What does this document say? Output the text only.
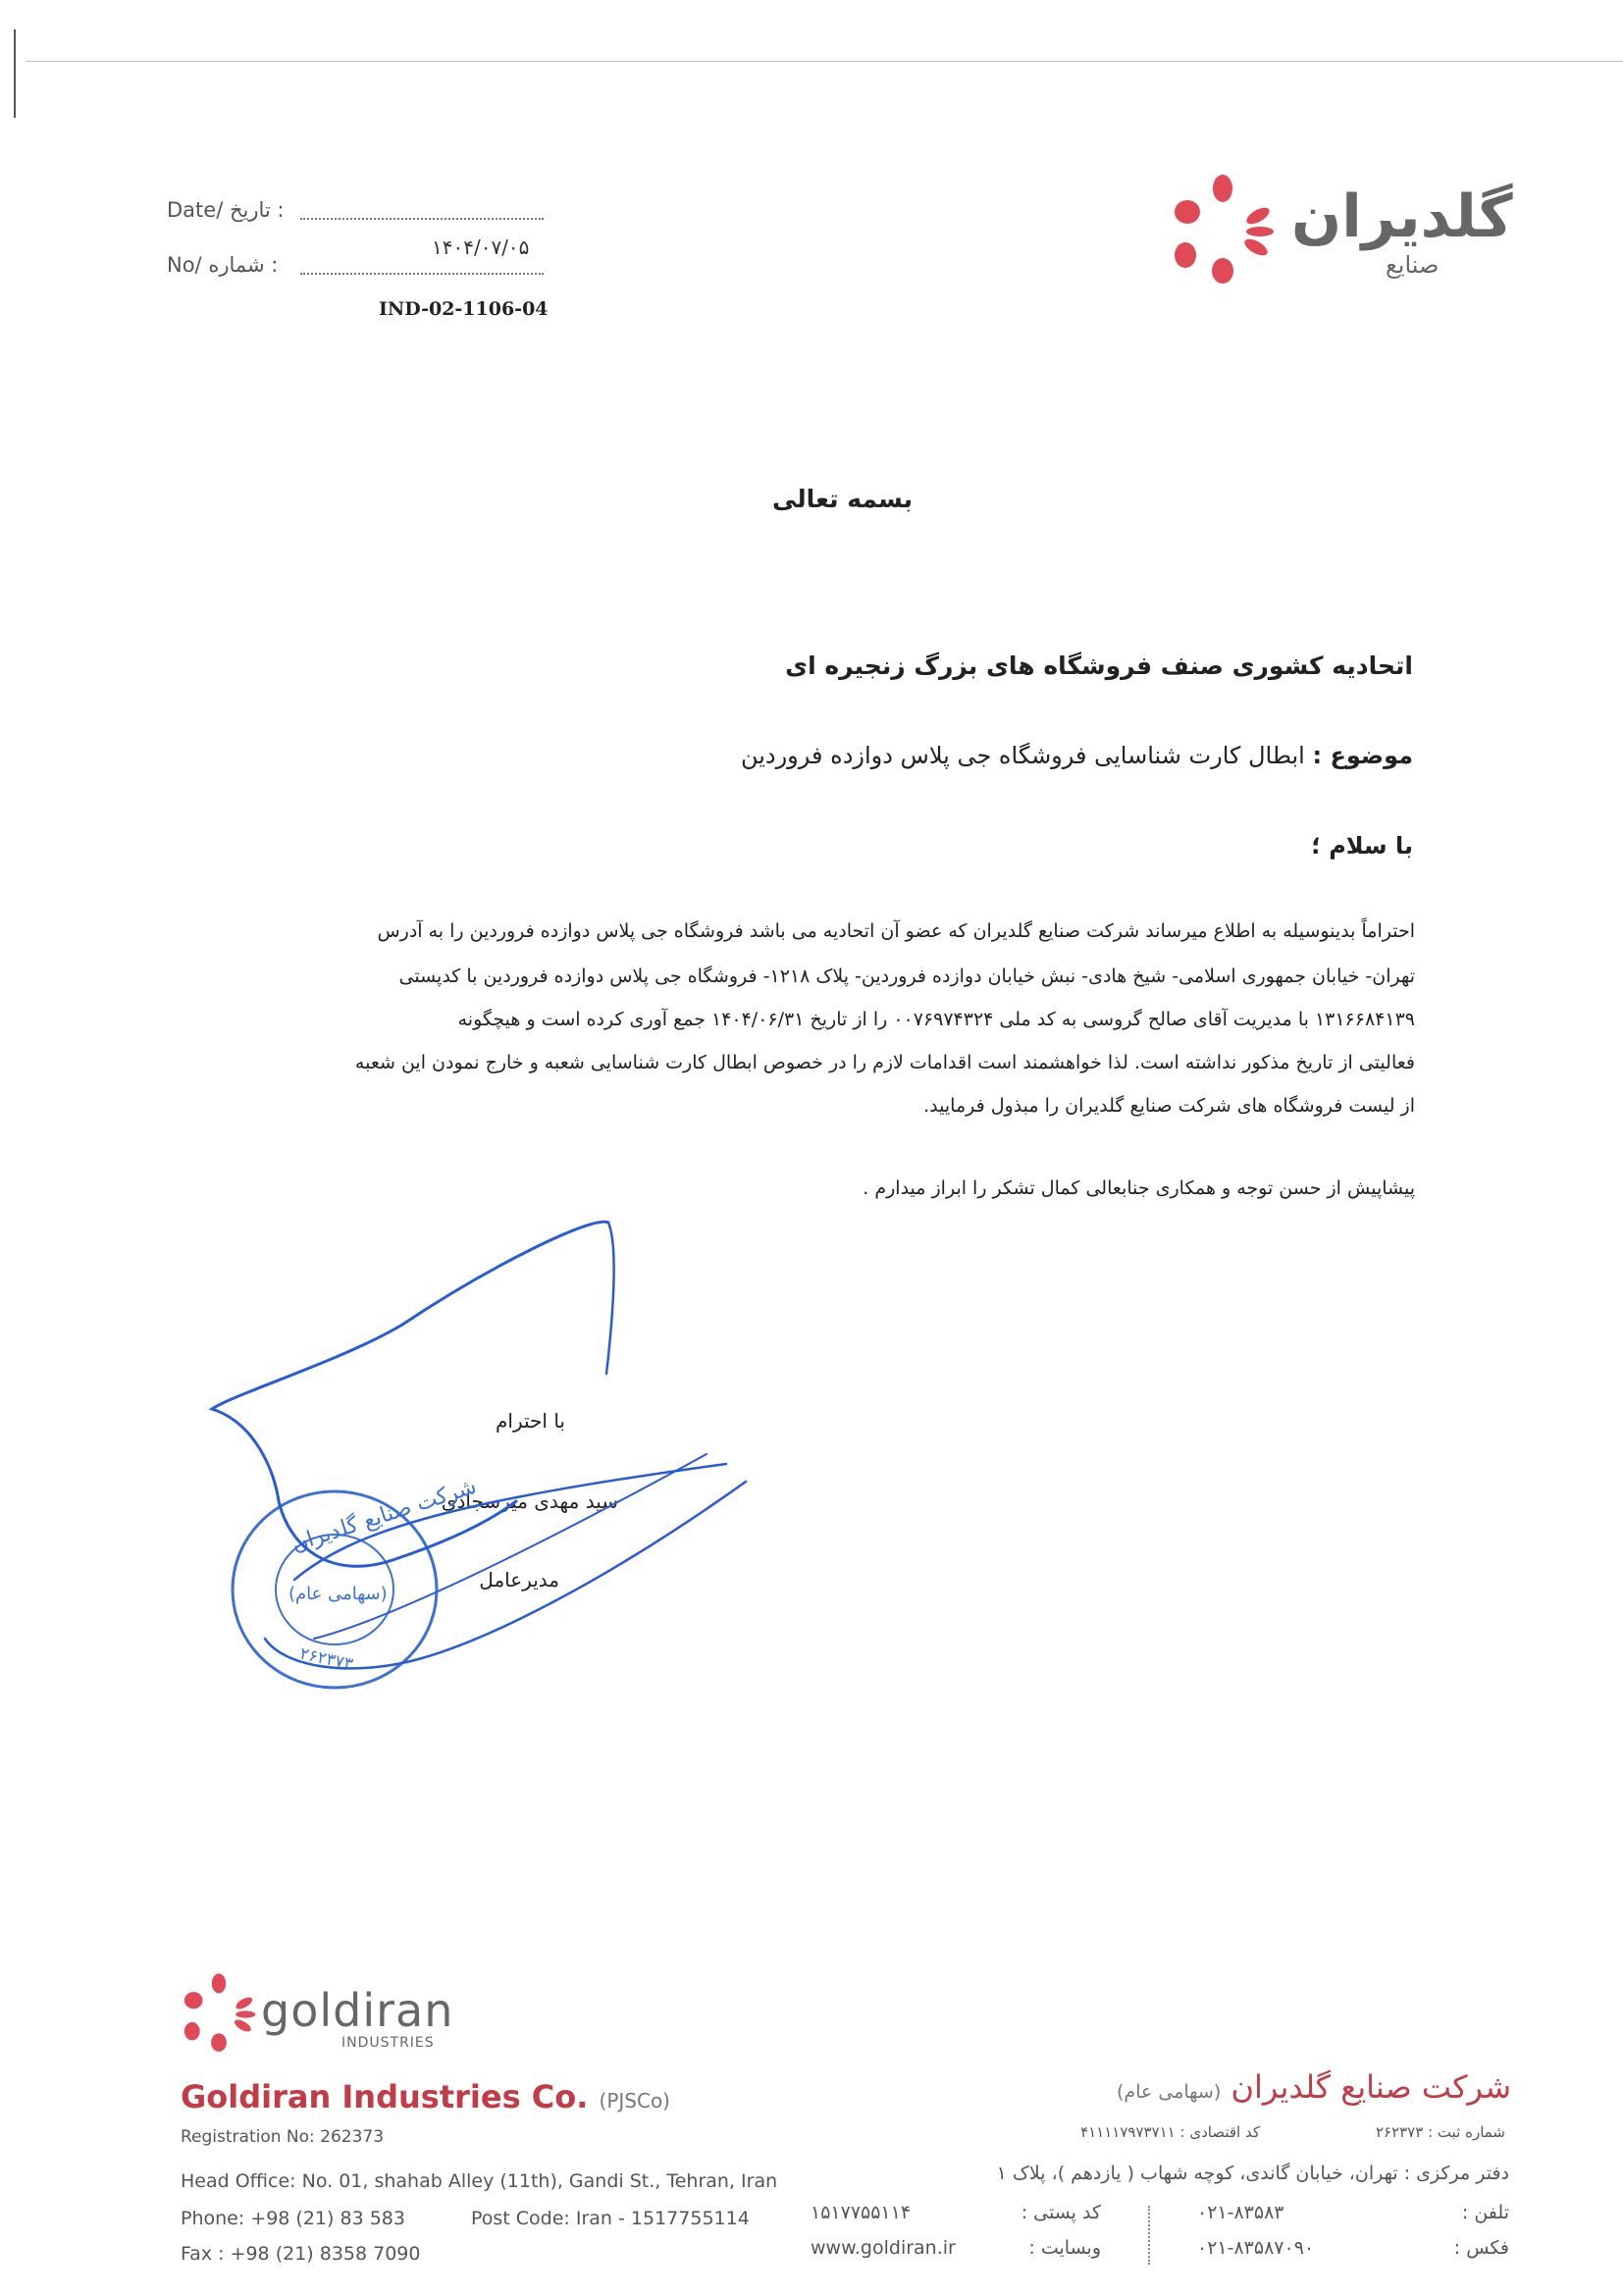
Date/ تاریخ :
۱۴۰۴/۰۷/۰۵
No/ شماره :
IND-02-1106-04
گلدیران
صنایع
بسمه تعالی
اتحادیه کشوری صنف فروشگاه های بزرگ زنجیره ای
موضوع : ابطال کارت شناسایی فروشگاه جی پلاس دوازده فروردین
با سلام ؛
احتراماً بدینوسیله به اطلاع میرساند شرکت صنایع گلدیران که عضو آن اتحادیه می باشد فروشگاه جی پلاس دوازده فروردین را به آدرس
تهران- خیابان جمهوری اسلامی- شیخ هادی- نبش خیابان دوازده فروردین- پلاک ۱۲۱۸- فروشگاه جی پلاس دوازده فروردین با کدپستی
۱۳۱۶۶۸۴۱۳۹ با مدیریت آقای صالح گروسی به کد ملی ۰۰۷۶۹۷۴۳۲۴ را از تاریخ ۱۴۰۴/۰۶/۳۱ جمع آوری کرده است و هیچگونه
فعالیتی از تاریخ مذکور نداشته است. لذا خواهشمند است اقدامات لازم را در خصوص ابطال کارت شناسایی شعبه و خارج نمودن این شعبه
از لیست فروشگاه های شرکت صنایع گلدیران را مبذول فرمایید.
پیشاپیش از حسن توجه و همکاری جنابعالی کمال تشکر را ابراز میدارم .
با احترام
سید مهدی میرسجادی
مدیرعامل
شرکت صنایع گلدیران
(سهامی عام)
۲۶۲۳۷۳
goldiran
INDUSTRIES
Goldiran Industries Co. (PJSCo)
Registration No: 262373
Head Office: No. 01, shahab Alley (11th), Gandi St., Tehran, Iran
Phone: +98 (21) 83 583	Post Code: Iran - 1517755114
Fax : +98 (21) 8358 7090
شرکت صنایع گلدیران (سهامی عام)
شماره ثبت : ۲۶۲۳۷۳
کد اقتصادی : ۴۱۱۱۱۷۹۷۳۷۱۱
دفتر مرکزی : تهران، خیابان گاندی، کوچه شهاب ( یازدهم )، پلاک ۱
تلفن :
۰۲۱-۸۳۵۸۳
کد پستی :
۱۵۱۷۷۵۵۱۱۴
فکس :
۰۲۱-۸۳۵۸۷۰۹۰
وبسایت :
www.goldiran.ir
